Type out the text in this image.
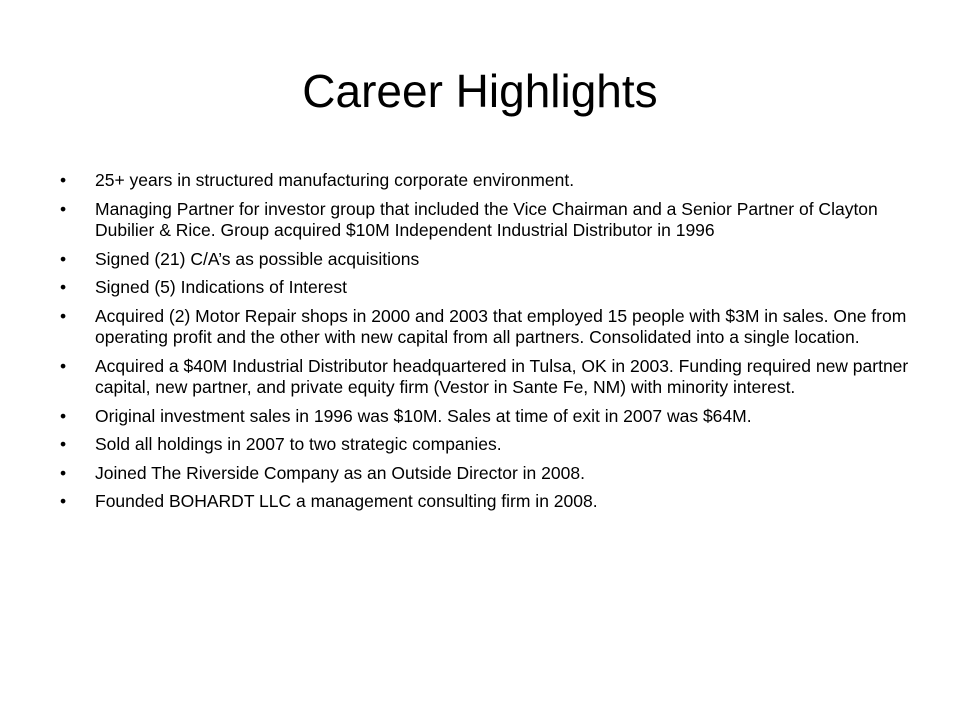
Career Highlights
•	25+ years in structured manufacturing corporate environment.
•	Managing Partner for investor group that included the Vice Chairman and a Senior Partner of Clayton Dubilier & Rice. Group acquired $10M Independent Industrial Distributor in 1996
•	Signed (21) C/A’s as possible acquisitions
•	Signed (5) Indications of Interest
•	Acquired (2) Motor Repair shops in 2000 and 2003 that employed 15 people with $3M in sales. One from operating profit and the other with new capital from all partners. Consolidated into a single location.
•	Acquired a $40M Industrial Distributor headquartered in Tulsa, OK in 2003. Funding required new partner capital, new partner, and private equity firm (Vestor in Sante Fe, NM) with minority interest.
•	Original investment sales in 1996 was $10M. Sales at time of exit in 2007 was $64M.
•	Sold all holdings in 2007 to two strategic companies.
•	Joined The Riverside Company as an Outside Director in 2008.
•	Founded BOHARDT LLC a management consulting firm in 2008.
